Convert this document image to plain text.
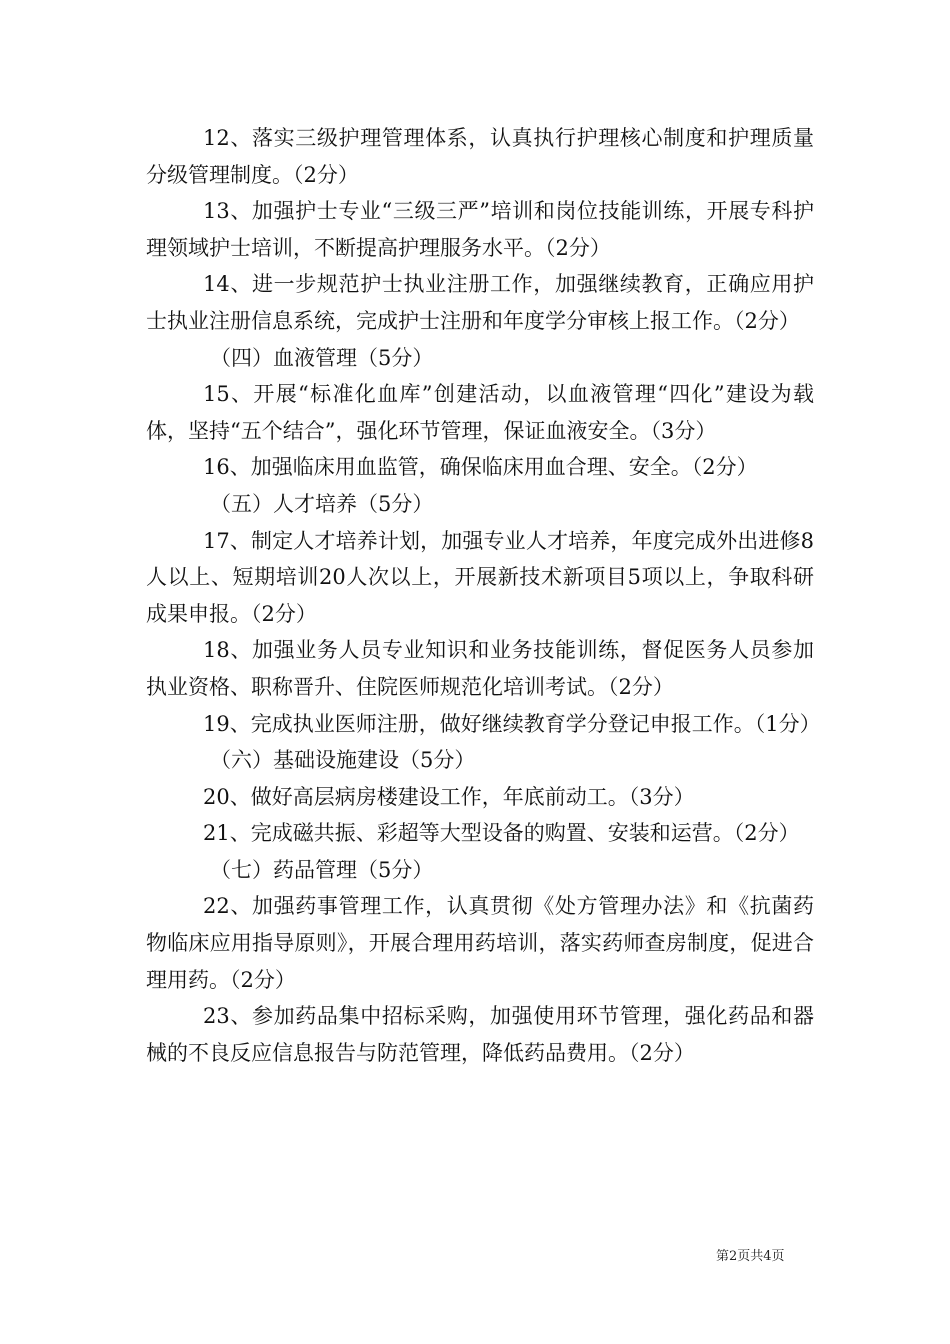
12、落实三级护理管理体系，认真执行护理核心制度和护理质量分级管理制度。（2分）

13、加强护士专业“三级三严”培训和岗位技能训练，开展专科护理领域护士培训，不断提高护理服务水平。（2分）

14、进一步规范护士执业注册工作，加强继续教育，正确应用护士执业注册信息系统，完成护士注册和年度学分审核上报工作。（2分）

（四）血液管理（5分）

15、开展“标准化血库”创建活动，以血液管理“四化”建设为载体，坚持“五个结合”，强化环节管理，保证血液安全。（3分）

16、加强临床用血监管，确保临床用血合理、安全。（2分）

（五）人才培养（5分）

17、制定人才培养计划，加强专业人才培养，年度完成外出进修8人以上、短期培训20人次以上，开展新技术新项目5项以上，争取科研成果申报。（2分）

18、加强业务人员专业知识和业务技能训练，督促医务人员参加执业资格、职称晋升、住院医师规范化培训考试。（2分）

19、完成执业医师注册，做好继续教育学分登记申报工作。（1分）

（六）基础设施建设（5分）

20、做好高层病房楼建设工作，年底前动工。（3分）

21、完成磁共振、彩超等大型设备的购置、安装和运营。（2分）

（七）药品管理（5分）

22、加强药事管理工作，认真贯彻《处方管理办法》和《抗菌药物临床应用指导原则》，开展合理用药培训，落实药师查房制度，促进合理用药。（2分）

23、参加药品集中招标采购，加强使用环节管理，强化药品和器械的不良反应信息报告与防范管理，降低药品费用。（2分）

第2页共4页
